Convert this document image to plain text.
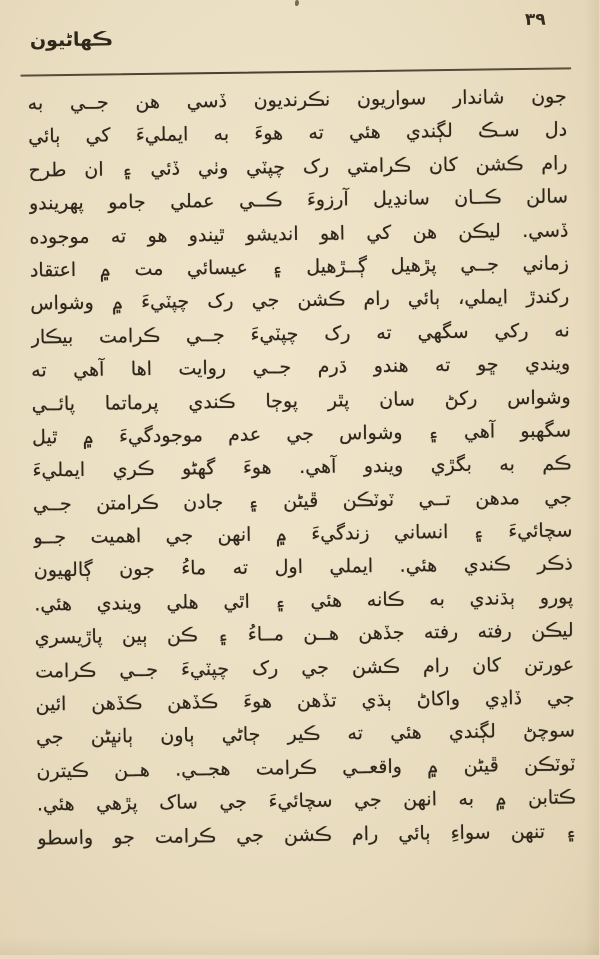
٣٩
ڪهاڻيون
جون شاندار سواريون نڪرنديون ڏسي هن جــي به
دل سـڪ لڳندي هئي ته هوءَ به ايمليءَ کي ٻائي
رام ڪشن کان ڪرامتي رک چپٽي وٺي ڏئي ۽ ان طرح
سالن ڪــان سانڍيل آرزوءَ ڪــي عملي جامو پهريندو
ڏسي. ليڪن هن کي اهو انديشو ٿيندو هو ته موجوده
زماني جــي پڙهيل ڳــڙهيل ۽ عيسائي مت ۾ اعتقاد
رکندڙ ايملي، ٻائي رام ڪشن جي رک چپٽيءَ ۾ وشواس
نه رکي سگهي ته رک چپٽيءَ جــي ڪرامت بيڪار
ويندي ڇو ته هندو ڌرم جــي روايت اها آهي ته
وشواس رکڻ سان پٿر پوڄا ڪندي پرماتما پائــي
سگهبو آهي ۽ وشواس جي عدم موجودگيءَ ۾ ٿيل
ڪم به بگڙي ويندو آهي. هوءَ گهڻو ڪري ايمليءَ
جي مدهن تــي ٽوٽڪن ڦيڻن ۽ جادن ڪرامتن جــي
سچائيءَ ۽ انساني زندگيءَ ۾ انهن جي اهميت جــو
ذڪر ڪندي هئي. ايملي اول ته ماءُ جون ڳالهيون
پورو ٻڌندي به ڪانه هئي ۽ اٿي هلي ويندي هئي.
ليڪن رفته رفته جڏهن هــن مــاءُ ۽ ڪن ٻين پاڙيسري
عورتن کان رام ڪشن جي رک چپٽيءَ جــي ڪرامت
جي ڏاڍي واکاڻ ٻڌي تڏهن هوءَ ڪڏهن ڪڏهن ائين
سوچڻ لڳندي هئي ته ڪير ڄاڻي ٻاون ٻانڀڻن جي
ٽوٽڪن ڦيڻن ۾ واقعــي ڪرامت هجــي. هــن ڪيترن
ڪتابن ۾ به انهن جي سچائيءَ جي ساک پڙهي هئي.
۽ تنهن سواءِ ٻائي رام ڪشن جي ڪرامت جو واسطو
